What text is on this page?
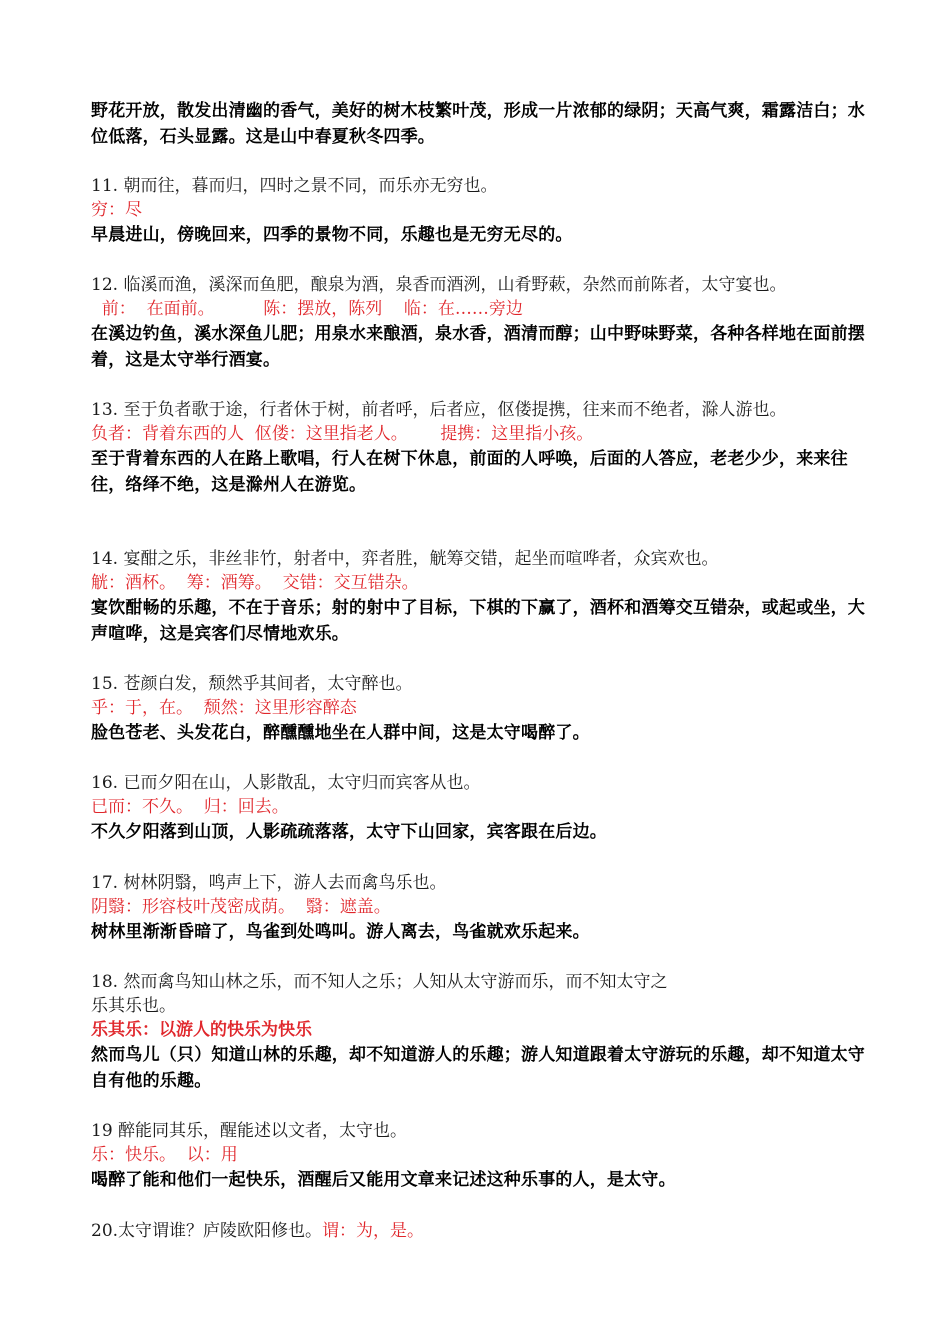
野花开放，散发出清幽的香气，美好的树木枝繁叶茂，形成一片浓郁的绿阴；天高气爽，霜露洁白；水位低落，石头显露。这是山中春夏秋冬四季。
11. 朝而往，暮而归，四时之景不同，而乐亦无穷也。
穷：尽
早晨进山，傍晚回来，四季的景物不同，乐趣也是无穷无尽的。
12. 临溪而渔，溪深而鱼肥，酿泉为酒，泉香而酒洌，山肴野蔌，杂然而前陈者，太守宴也。
前：  在面前。         陈：摆放，陈列    临：在……旁边
在溪边钓鱼，溪水深鱼儿肥；用泉水来酿酒，泉水香，酒清而醇；山中野味野菜，各种各样地在面前摆着，这是太守举行酒宴。
13. 至于负者歌于途，行者休于树，前者呼，后者应，伛偻提携，往来而不绝者，滁人游也。
负者：背着东西的人  伛偻：这里指老人。      提携：这里指小孩。
至于背着东西的人在路上歌唱，行人在树下休息，前面的人呼唤，后面的人答应，老老少少，来来往往，络绎不绝，这是滁州人在游览。
14. 宴酣之乐，非丝非竹，射者中，弈者胜，觥筹交错，起坐而喧哗者，众宾欢也。
觥：酒杯。  筹：酒筹。  交错：交互错杂。
宴饮酣畅的乐趣，不在于音乐；射的射中了目标，下棋的下赢了，酒杯和酒筹交互错杂，或起或坐，大声喧哗，这是宾客们尽情地欢乐。
15. 苍颜白发，颓然乎其间者，太守醉也。
乎：于，在。  颓然：这里形容醉态
脸色苍老、头发花白，醉醺醺地坐在人群中间，这是太守喝醉了。
16. 已而夕阳在山，人影散乱，太守归而宾客从也。
已而：不久。  归：回去。
不久夕阳落到山顶，人影疏疏落落，太守下山回家，宾客跟在后边。
17. 树林阴翳，鸣声上下，游人去而禽鸟乐也。
阴翳：形容枝叶茂密成荫。  翳：遮盖。
树林里渐渐昏暗了，鸟雀到处鸣叫。游人离去，鸟雀就欢乐起来。
18. 然而禽鸟知山林之乐，而不知人之乐；人知从太守游而乐，而不知太守之
乐其乐也。
乐其乐：以游人的快乐为快乐
然而鸟儿（只）知道山林的乐趣，却不知道游人的乐趣；游人知道跟着太守游玩的乐趣，却不知道太守自有他的乐趣。
19 醉能同其乐，醒能述以文者，太守也。
乐：快乐。  以：用
喝醉了能和他们一起快乐，酒醒后又能用文章来记述这种乐事的人，是太守。
20.太守谓谁？庐陵欧阳修也。谓：为，是。
